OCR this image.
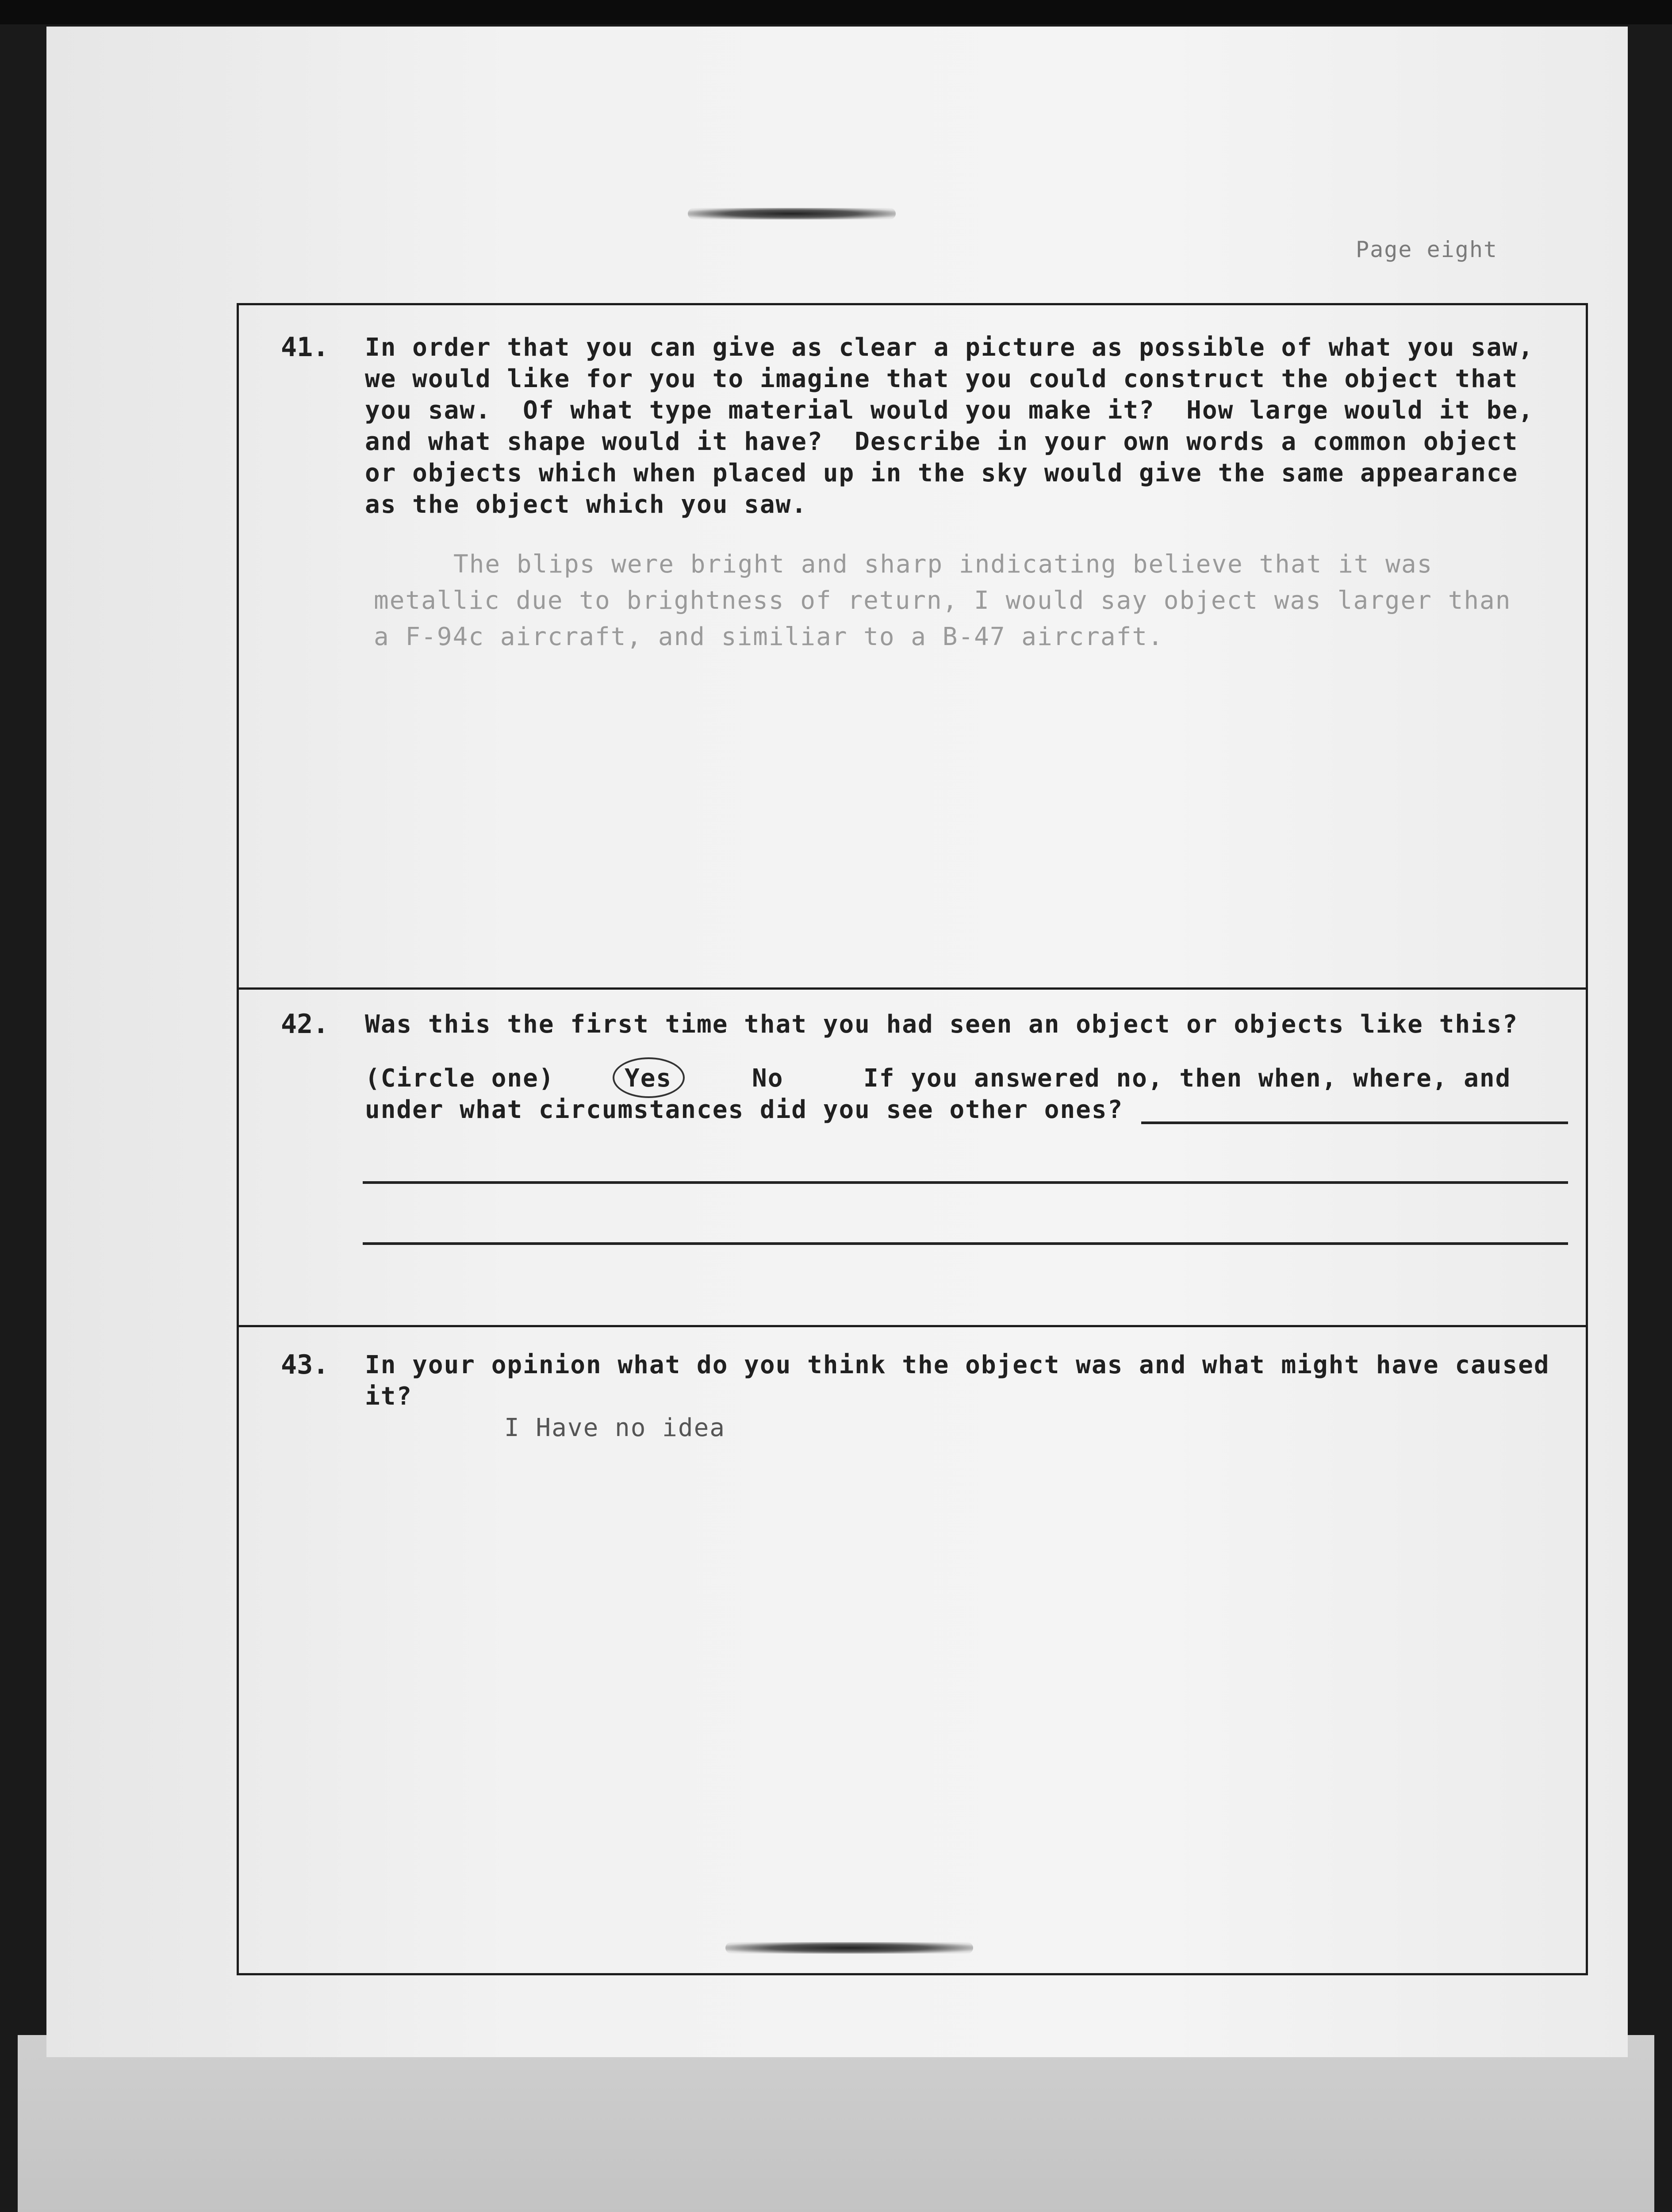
Page eight
41. In order that you can give as clear a picture as possible of what you saw,
we would like for you to imagine that you could construct the object that
you saw.  Of what type material would you make it?  How large would it be,
and what shape would it have?  Describe in your own words a common object
or objects which when placed up in the sky would give the same appearance
as the object which you saw.
The blips were bright and sharp indicating believe that it was
metallic due to brightness of return, I would say object was larger than
a F-94c aircraft, and similiar to a B-47 aircraft.
42. Was this the first time that you had seen an object or objects like this?
(Circle one)	Yes	No	If you answered no, then when, where, and
under what circumstances did you see other ones?
43. In your opinion what do you think the object was and what might have caused
it?
I Have no idea
